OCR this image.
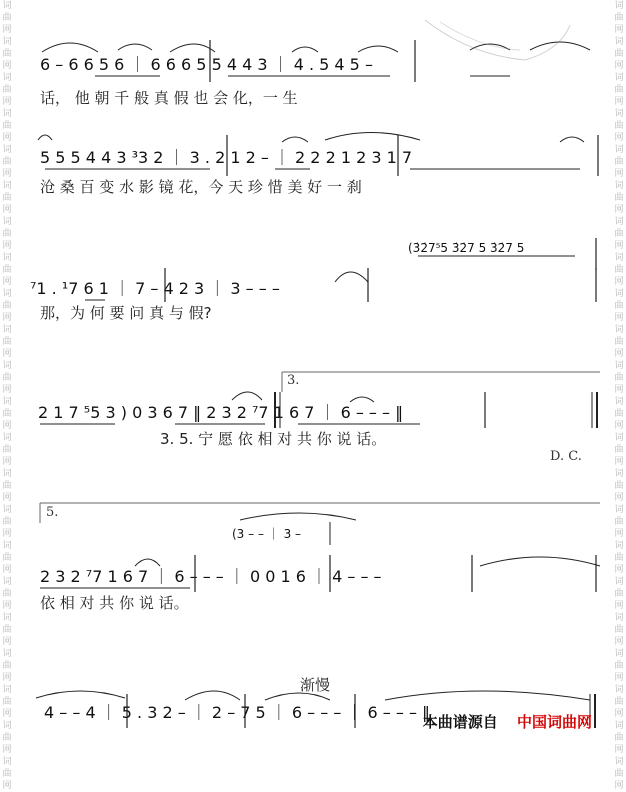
词
曲
网
词
曲
网
词
曲
网
词
曲
网
词
曲
网
词
曲
网
词
曲
网
词
曲
网
词
曲
网
词
曲
网
词
曲
网
词
曲
网
词
曲
网
词
曲
网
词
曲
网
词
曲
网
词
曲
网
词
曲
网
词
曲
网
词
曲
网
词
曲
网
词
曲
网
词
曲
网
词
曲
网
词
曲
网
词
曲
网
词
曲
网
词
曲
网
词
曲
网
词
曲
网
词
曲
网
词
曲
网
词
曲
网
词
曲
网
词
曲
网
词
曲
网
词
曲
网
词
曲
网
词
曲
网
词
曲
网
词
曲
网
词
曲
网
词
曲
网
词
曲
网
6 – 6 6 5 6 ｜ 6 6 6 5 5 4 4 3 ｜ 4 . 5 4 5 –
话， 他 朝 千 般 真 假 也 会 化，一 生
5 5 5 4 4 3 ³3 2 ｜ 3 . 2 1 2 – ｜ 2 2 2 1 2 3 1 7
沧 桑 百 变 水 影 镜 花，今 天 珍 惜 美 好 一 刹
(3̇2̇7⁵5 3̇2̇7 5 3̇2̇7 5
⁷1 . ¹7 6 1 ｜ 7 – 4 2 3 ｜ 3 – – –
那，为 何 要 问 真 与 假?
3.
2 1 7 ⁵5 3 ) 0 3 6 7 ‖ 2 3 2 ⁷7 1 6 7 ｜ 6 – – – ‖
3. 5. 宁 愿 依 相 对 共 你 说 话。
D. C.
5.
(3 – – ｜ 3 –
2 3 2 ⁷7 1 6 7 ｜ 6 – – – ｜ 0 0 1 6 ｜ 4 – – –
依 相 对 共 你 说 话。
渐慢
4 – – 4 ｜ 5 . 3 2 – ｜ 2 – 7 5 ｜ 6 – – – ｜ 6 – – – ‖
本曲谱源自 中国词曲网
